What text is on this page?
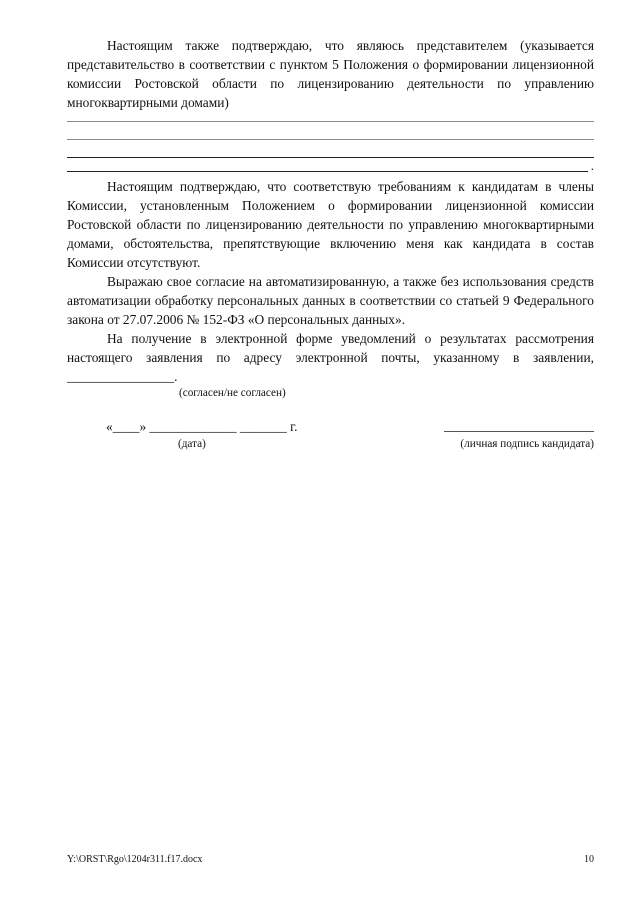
Настоящим также подтверждаю, что являюсь представителем (указывается представительство в соответствии с пунктом 5 Положения о формировании лицензионной комиссии Ростовской области по лицензированию деятельности по управлению многоквартирными домами)

.

Настоящим подтверждаю, что соответствую требованиям к кандидатам в члены Комиссии, установленным Положением о формировании лицензионной комиссии Ростовской области по лицензированию деятельности по управлению многоквартирными домами, обстоятельства, препятствующие включению меня как кандидата в состав Комиссии отсутствуют.

Выражаю свое согласие на автоматизированную, а также без использования средств автоматизации обработку персональных данных в соответствии со статьей 9 Федерального закона от 27.07.2006 № 152-ФЗ «О персональных данных».

На получение в электронной форме уведомлений о результатах рассмотрения настоящего заявления по адресу электронной почты, указанному в заявлении, ________________.

(согласен/не согласен)
«____» _____________ _______ г.
(дата)	(личная подпись кандидата)
Y:\ORST\Rgo\1204r311.f17.docx	10
